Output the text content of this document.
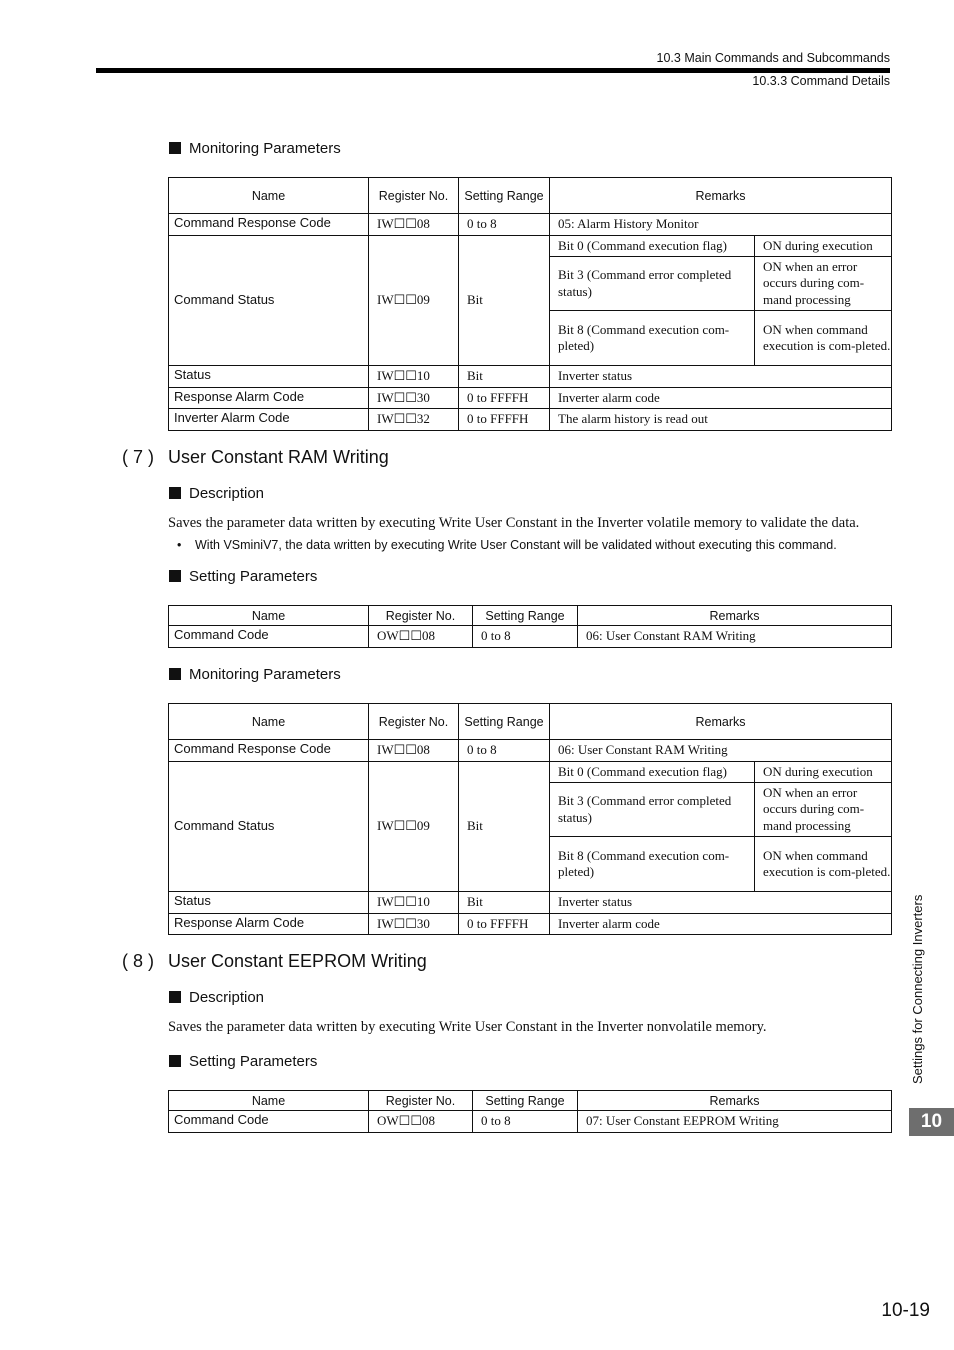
10.3 Main Commands and Subcommands
10.3.3 Command Details
Monitoring Parameters
Name	Register No.	Setting Range	Remarks	
Command Response Code	IW☐☐08	0 to 8	05: Alarm History Monitor	
Command Status	IW☐☐09	Bit	Bit 0 (Command execution flag)	ON during execution
			Bit 3 (Command error completed status)	ON when an error occurs during com-mand processing
			Bit 8 (Command execution com-pleted)	ON when command execution is com-pleted.
Status	IW☐☐10	Bit	Inverter status	
Response Alarm Code	IW☐☐30	0 to FFFFH	Inverter alarm code	
Inverter Alarm Code	IW☐☐32	0 to FFFFH	The alarm history is read out	
( 7 ) User Constant RAM Writing
Description
Saves the parameter data written by executing Write User Constant in the Inverter volatile memory to validate the data.
• With VSminiV7, the data written by executing Write User Constant will be validated without executing this command.
Setting Parameters
Name	Register No.	Setting Range	Remarks
Command Code	OW☐☐08	0 to 8	06: User Constant RAM Writing
Monitoring Parameters
Name	Register No.	Setting Range	Remarks	
Command Response Code	IW☐☐08	0 to 8	06: User Constant RAM Writing	
Command Status	IW☐☐09	Bit	Bit 0 (Command execution flag)	ON during execution
			Bit 3 (Command error completed status)	ON when an error occurs during com-mand processing
			Bit 8 (Command execution com-pleted)	ON when command execution is com-pleted.
Status	IW☐☐10	Bit	Inverter status	
Response Alarm Code	IW☐☐30	0 to FFFFH	Inverter alarm code	
( 8 ) User Constant EEPROM Writing
Description
Saves the parameter data written by executing Write User Constant in the Inverter nonvolatile memory.
Setting Parameters
Name	Register No.	Setting Range	Remarks
Command Code	OW☐☐08	0 to 8	07: User Constant EEPROM Writing
Settings for Connecting Inverters
10
10-19
